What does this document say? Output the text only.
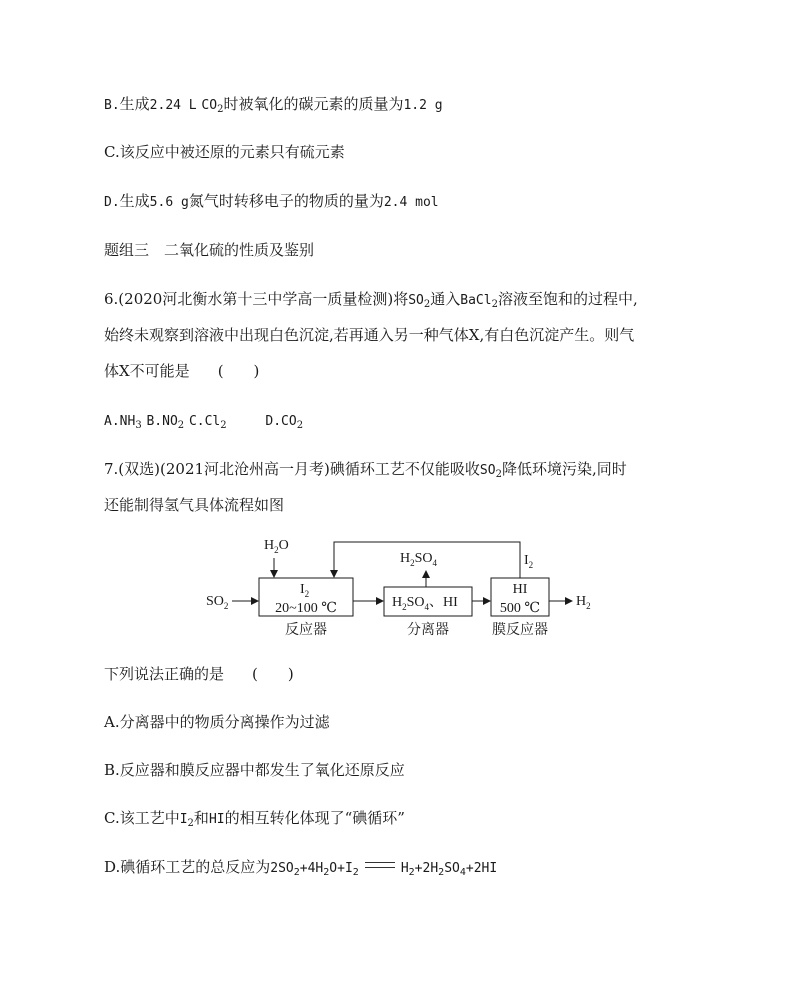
B.生成2.24 L $CO_2$时被氧化的碳元素的质量为1.2 g
C.该反应中被还原的元素只有硫元素
D.生成5.6 g氮气时转移电子的物质的量为2.4 mol
题组三　二氧化硫的性质及鉴别
6.(2020河北衡水第十三中学高一质量检测)将$SO_2$通入BaCl$_2$溶液至饱和的过程中,
始终未观察到溶液中出现白色沉淀,若再通入另一种气体X,有白色沉淀产生。则气
体X不可能是 (　　)
$A.NH_3$ $B.NO_2$ $C.Cl_2$	$D.CO_2$
7.(双选)(2021河北沧州高一月考)碘循环工艺不仅能吸收$SO_2$降低环境污染,同时
还能制得氢气具体流程如图
$H_2O$
$SO_2$
$I_2$
20~100 ℃
反应器
$H_2SO_4$
$H_2SO_4$、HI
分离器
$I_2$
HI
500 ℃
膜反应器
$H_2$
下列说法正确的是 (　　)
A.分离器中的物质分离操作为过滤
B.反应器和膜反应器中都发生了氧化还原反应
C.该工艺中$I_2$和HI的相互转化体现了“碘循环”
D.碘循环工艺的总反应为$2SO_2+4H_2O+I_2$	$H_2+2H_2SO_4+2HI$
